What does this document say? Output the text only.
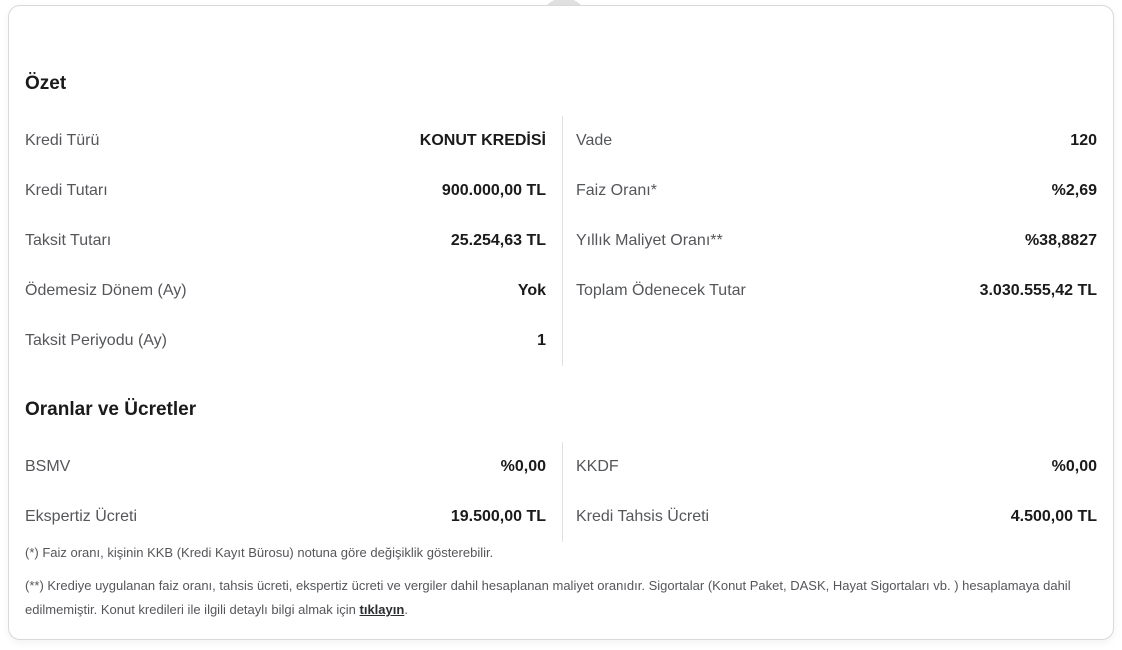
Özet
Kredi Türü	KONUT KREDİSİ
Kredi Tutarı	900.000,00 TL
Taksit Tutarı	25.254,63 TL
Ödemesiz Dönem (Ay)	Yok
Taksit Periyodu (Ay)	1
Vade	120
Faiz Oranı*	%2,69
Yıllık Maliyet Oranı**	%38,8827
Toplam Ödenecek Tutar	3.030.555,42 TL
Oranlar ve Ücretler
BSMV	%0,00
Ekspertiz Ücreti	19.500,00 TL
KKDF	%0,00
Kredi Tahsis Ücreti	4.500,00 TL

(*) Faiz oranı, kişinin KKB (Kredi Kayıt Bürosu) notuna göre değişiklik gösterebilir.

(**) Krediye uygulanan faiz oranı, tahsis ücreti, ekspertiz ücreti ve vergiler dahil hesaplanan maliyet oranıdır. Sigortalar (Konut Paket, DASK, Hayat Sigortaları vb. ) hesaplamaya dahil edilmemiştir. Konut kredileri ile ilgili detaylı bilgi almak için tıklayın.
